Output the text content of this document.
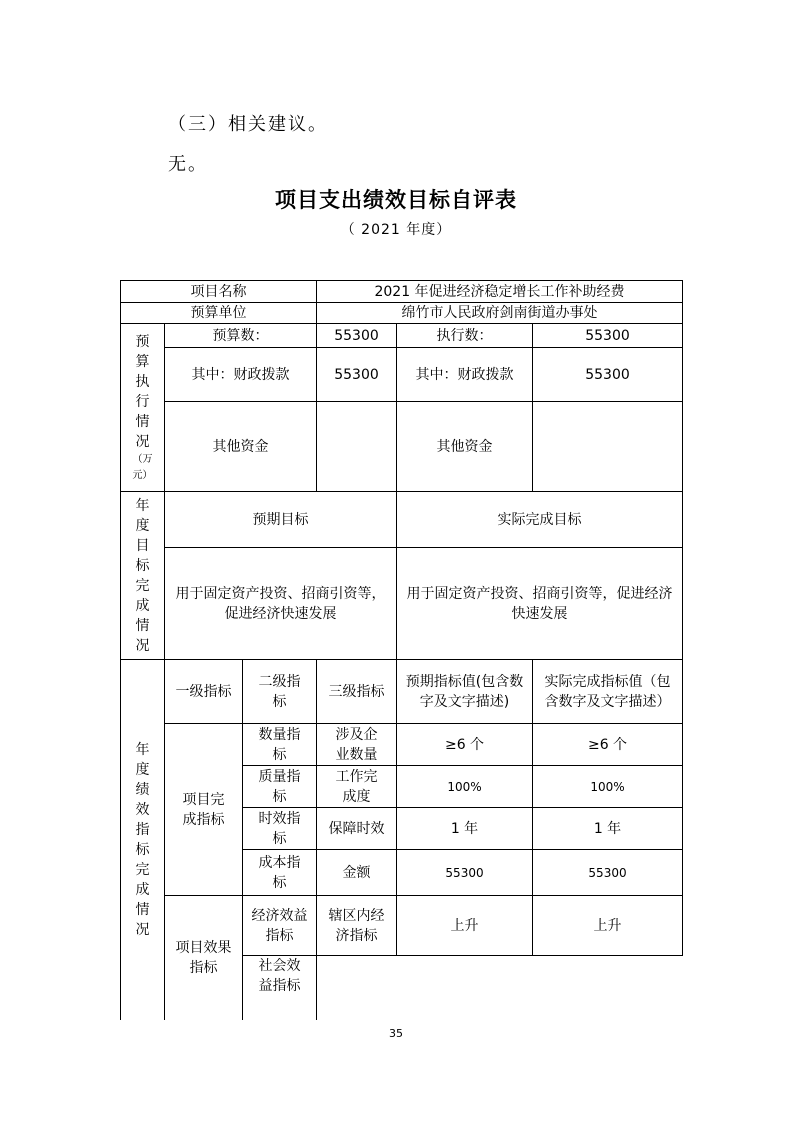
（三）相关建议。
无。
项目支出绩效目标自评表
（ 2021 年度）
项目名称			2021 年促进经济稳定增长工作补助经费		
预算单位			绵竹市人民政府剑南街道办事处		

预算执行情况
（万元）	预算数：		55300	执行数：	55300
	其中：财政拨款		55300	其中：财政拨款	55300
	其他资金			其他资金	

年度目标完成情况	预期目标			实际完成目标	
	用于固定资产投资、招商引资等，促进经济快速发展			用于固定资产投资、招商引资等，促进经济快速发展	

年度绩效指标完成情况	一级指标	二级指标	三级指标	预期指标值(包含数字及文字描述)	实际完成指标值（包含数字及文字描述）
	项目完成指标	数量指标	涉及企业数量	≥6 个	≥6 个
		质量指标	工作完成度	100%	100%
		时效指标	保障时效	1 年	1 年
		成本指标	金额	55300	55300
	项目效果指标	经济效益指标	辖区内经济指标	上升	上升
		社会效益指标			
35
